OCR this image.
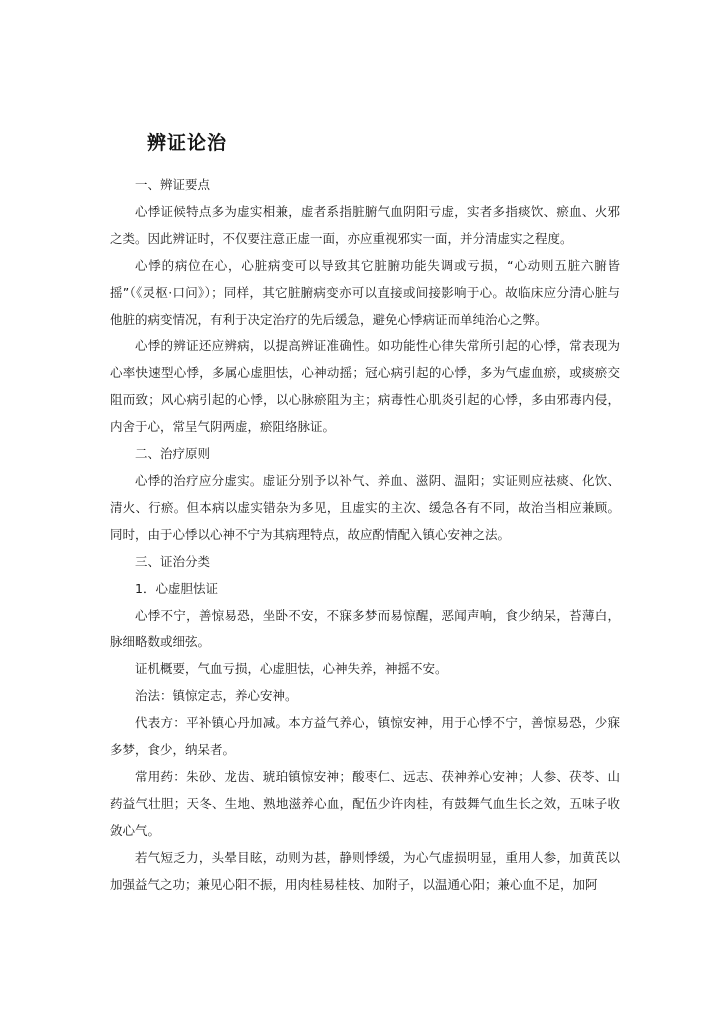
辨证论治

一、辨证要点

心悸证候特点多为虚实相兼，虚者系指脏腑气血阴阳亏虚，实者多指痰饮、瘀血、火邪之类。因此辨证时，不仅要注意正虚一面，亦应重视邪实一面，并分清虚实之程度。

心悸的病位在心，心脏病变可以导致其它脏腑功能失调或亏损，“心动则五脏六腑皆摇”（《灵枢·口问》）；同样，其它脏腑病变亦可以直接或间接影响于心。故临床应分清心脏与他脏的病变情况，有利于决定治疗的先后缓急，避免心悸病证而单纯治心之弊。

心悸的辨证还应辨病，以提高辨证准确性。如功能性心律失常所引起的心悸，常表现为心率快速型心悸，多属心虚胆怯，心神动摇；冠心病引起的心悸，多为气虚血瘀，或痰瘀交阻而致；风心病引起的心悸，以心脉瘀阻为主；病毒性心肌炎引起的心悸，多由邪毒内侵，内舍于心，常呈气阴两虚，瘀阻络脉证。

二、治疗原则

心悸的治疗应分虚实。虚证分别予以补气、养血、滋阴、温阳；实证则应祛痰、化饮、清火、行瘀。但本病以虚实错杂为多见，且虚实的主次、缓急各有不同，故治当相应兼顾。同时，由于心悸以心神不宁为其病理特点，故应酌情配入镇心安神之法。

三、证治分类

1．心虚胆怯证

心悸不宁，善惊易恐，坐卧不安，不寐多梦而易惊醒，恶闻声响，食少纳呆，苔薄白，脉细略数或细弦。

证机概要，气血亏损，心虚胆怯，心神失养，神摇不安。

治法：镇惊定志，养心安神。

代表方：平补镇心丹加减。本方益气养心，镇惊安神，用于心悸不宁，善惊易恐，少寐多梦，食少，纳呆者。

常用药：朱砂、龙齿、琥珀镇惊安神；酸枣仁、远志、茯神养心安神；人参、茯苓、山药益气壮胆；天冬、生地、熟地滋养心血，配伍少许肉桂，有鼓舞气血生长之效，五味子收敛心气。

若气短乏力，头晕目眩，动则为甚，静则悸缓，为心气虚损明显，重用人参，加黄芪以加强益气之功；兼见心阳不振，用肉桂易桂枝、加附子，以温通心阳；兼心血不足，加阿
